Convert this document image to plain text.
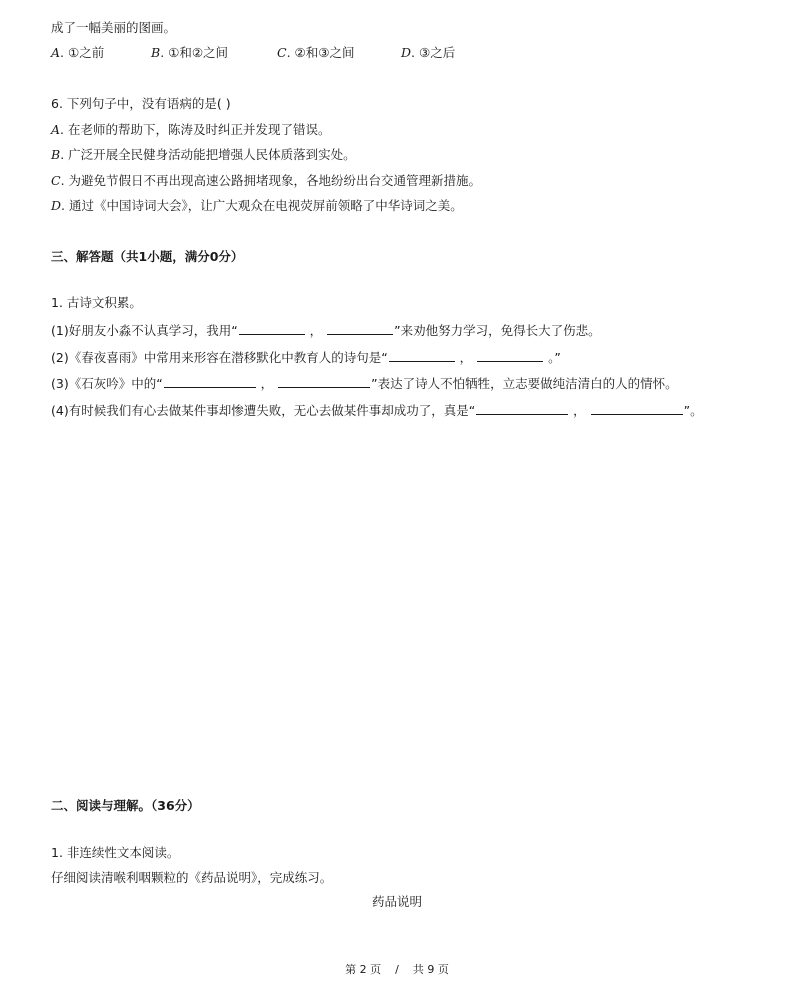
成了一幅美丽的图画。
A. ①之前	B. ①和②之间	C. ②和③之间	D. ③之后
6. 下列句子中，没有语病的是( )
A. 在老师的帮助下，陈涛及时纠正并发现了错误。
B. 广泛开展全民健身活动能把增强人民体质落到实处。
C. 为避免节假日不再出现高速公路拥堵现象，各地纷纷出台交通管理新措施。
D. 通过《中国诗词大会》，让广大观众在电视荧屏前领略了中华诗词之美。
三、解答题（共1小题，满分0分）
1. 古诗文积累。
(1)好朋友小淼不认真学习，我用“	，	”来劝他努力学习，免得长大了伤悲。
(2)《春夜喜雨》中常用来形容在潜移默化中教育人的诗句是“	，	。”
(3)《石灰吟》中的“	，	”表达了诗人不怕牺牲，立志要做纯洁清白的人的情怀。
(4)有时候我们有心去做某件事却惨遭失败，无心去做某件事却成功了，真是“	，	”。
二、阅读与理解。（36分）
1. 非连续性文本阅读。
仔细阅读清喉利咽颗粒的《药品说明》，完成练习。
药品说明
第 2 页    /    共 9 页
